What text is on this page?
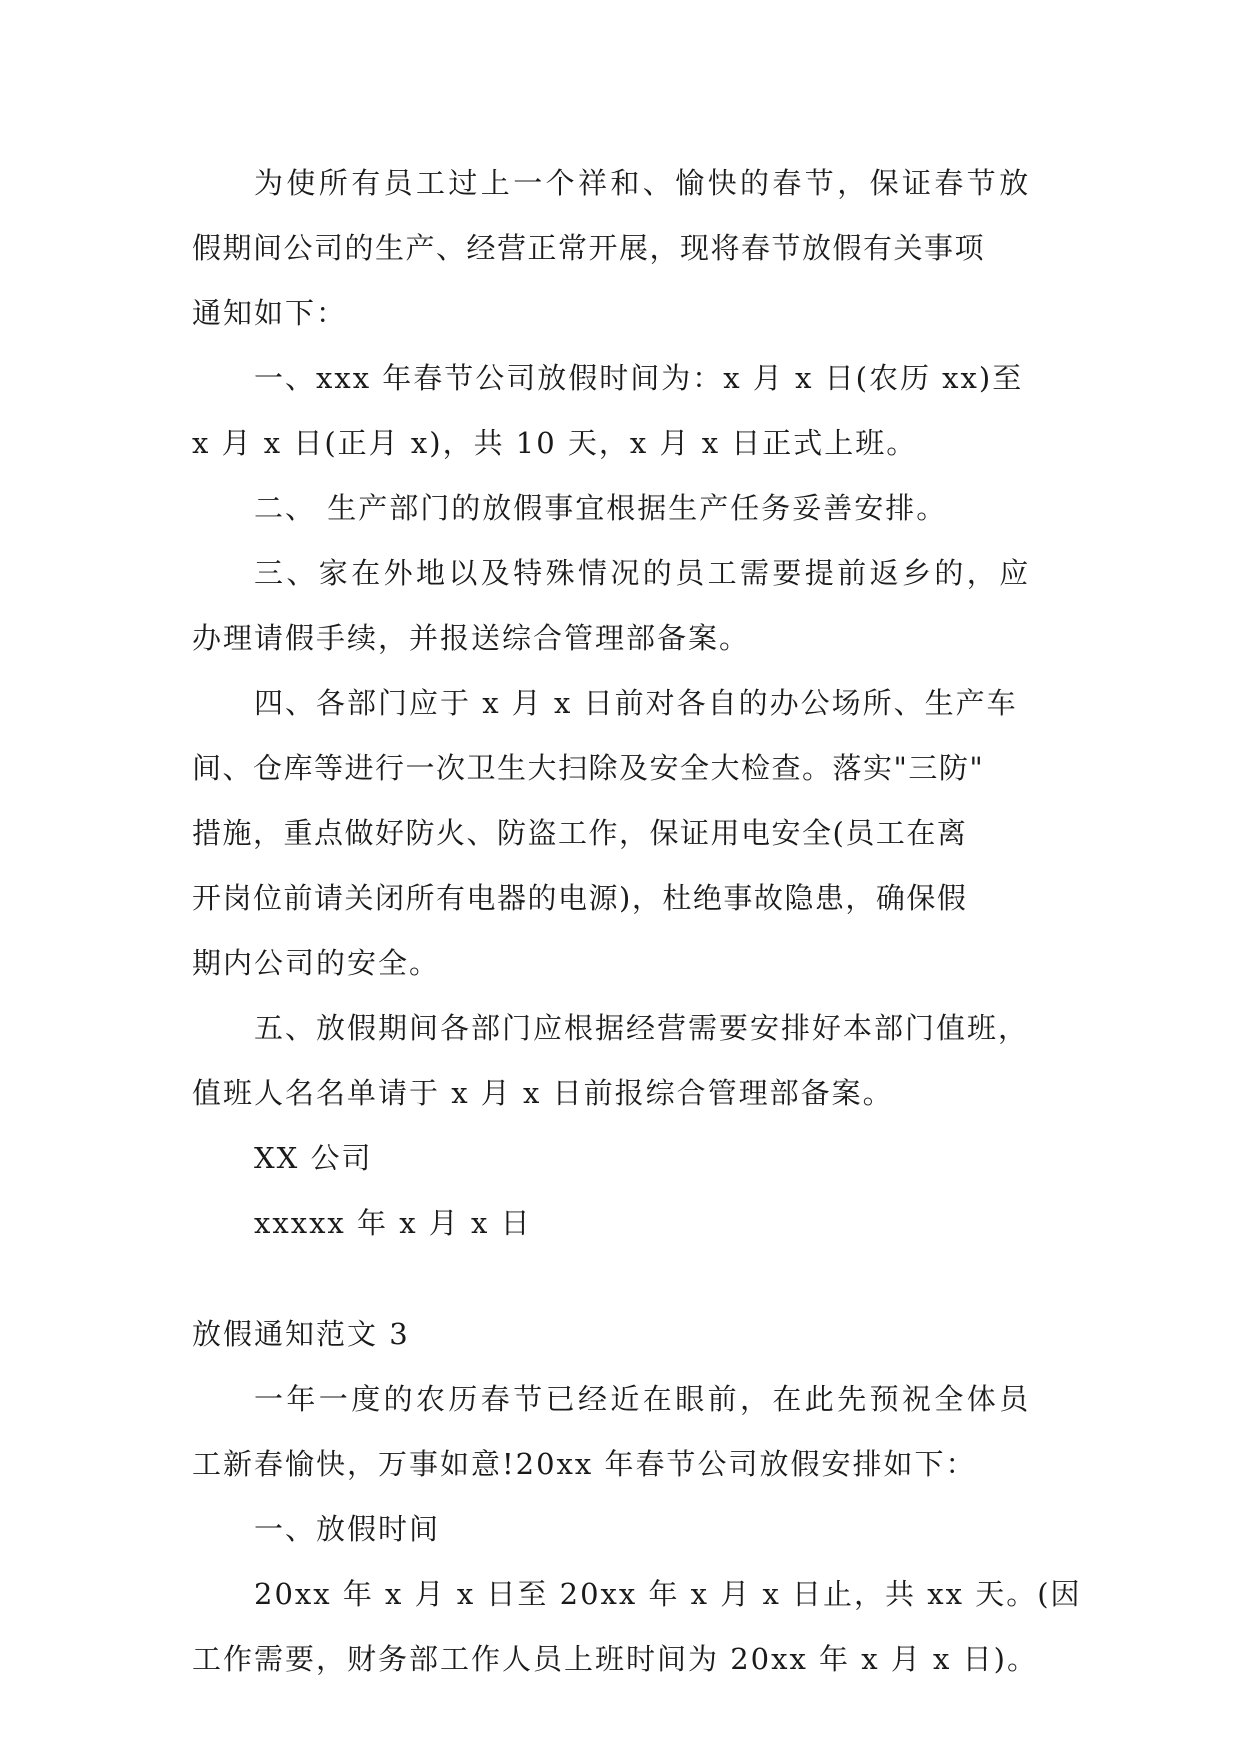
为使所有员工过上一个祥和、愉快的春节，保证春节放
假期间公司的生产、经营正常开展，现将春节放假有关事项
通知如下：
一、xxx 年春节公司放假时间为：x 月 x 日(农历 xx)至
x 月 x 日(正月 x)，共 10 天，x 月 x 日正式上班。
二、 生产部门的放假事宜根据生产任务妥善安排。
三、家在外地以及特殊情况的员工需要提前返乡的，应
办理请假手续，并报送综合管理部备案。
四、各部门应于 x 月 x 日前对各自的办公场所、生产车
间、仓库等进行一次卫生大扫除及安全大检查。落实"三防"
措施，重点做好防火、防盗工作，保证用电安全(员工在离
开岗位前请关闭所有电器的电源)，杜绝事故隐患，确保假
期内公司的安全。
五、放假期间各部门应根据经营需要安排好本部门值班，
值班人名名单请于 x 月 x 日前报综合管理部备案。
XX 公司
xxxxx 年 x 月 x 日
放假通知范文 3
一年一度的农历春节已经近在眼前，在此先预祝全体员
工新春愉快，万事如意!20xx 年春节公司放假安排如下：
一、放假时间
20xx 年 x 月 x 日至 20xx 年 x 月 x 日止，共 xx 天。(因
工作需要，财务部工作人员上班时间为 20xx 年 x 月 x 日)。
